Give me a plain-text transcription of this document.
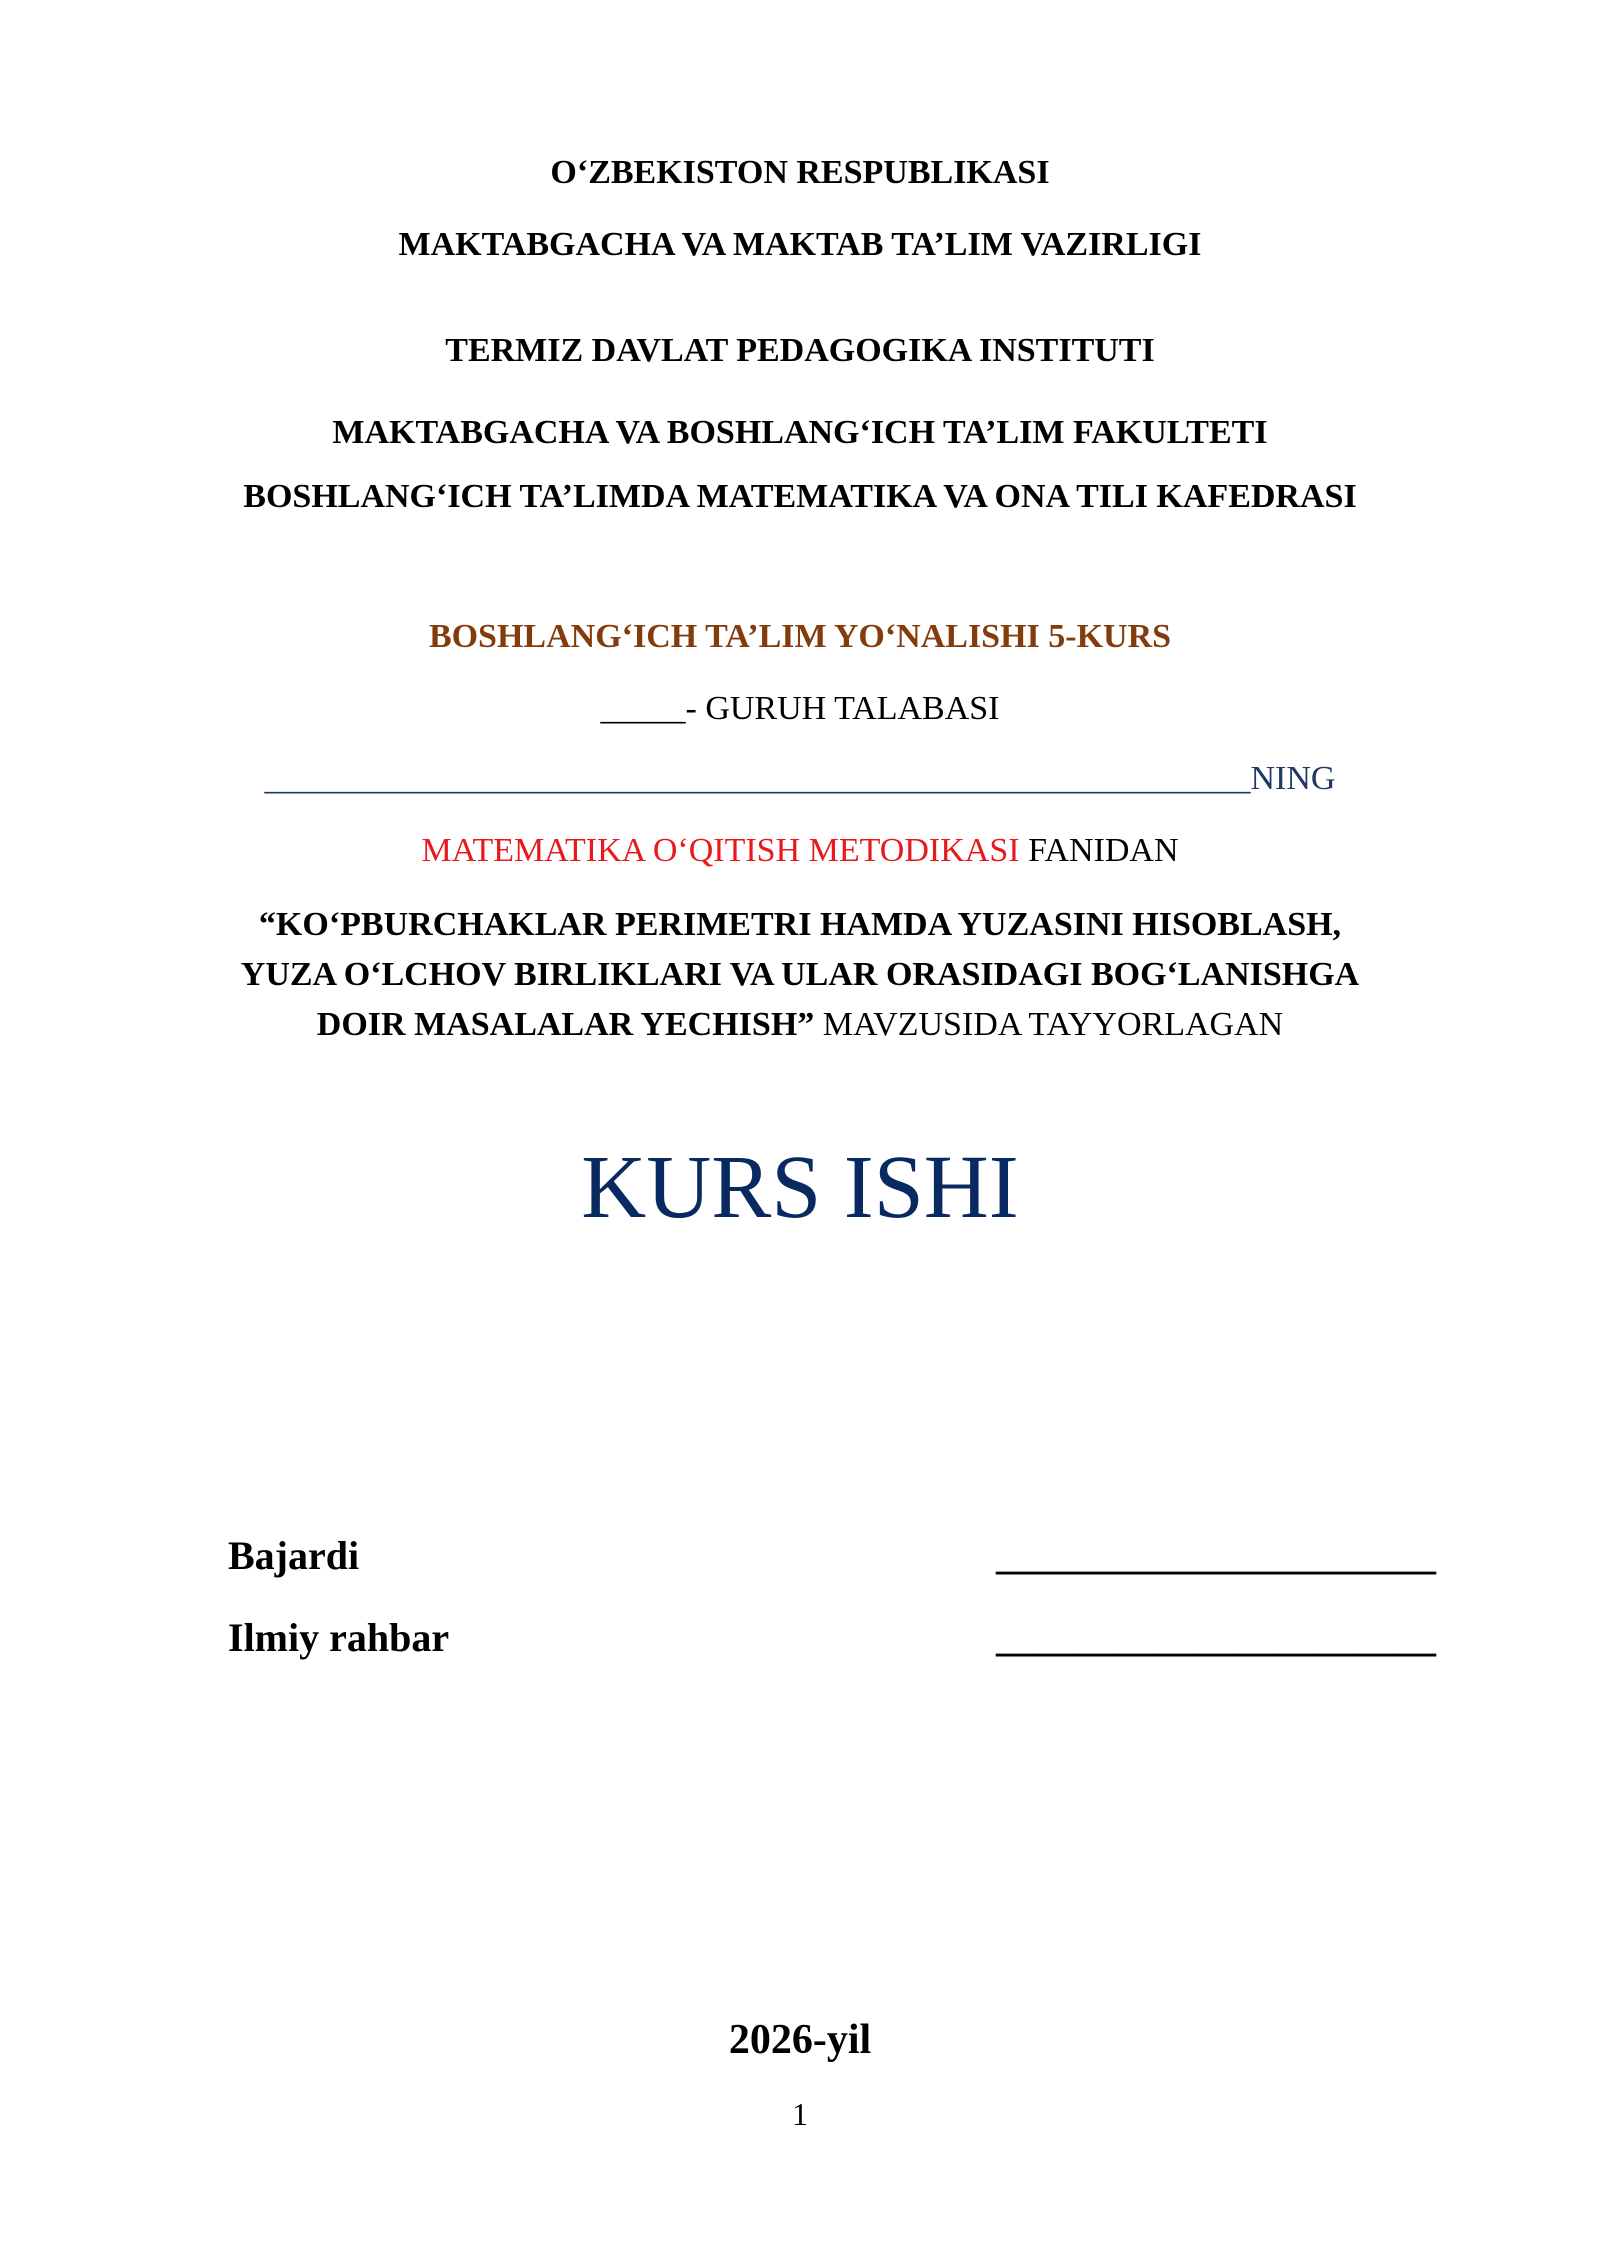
O‘ZBEKISTON RESPUBLIKASI
MAKTABGACHA VA MAKTAB TA’LIM VAZIRLIGI
TERMIZ DAVLAT PEDAGOGIKA INSTITUTI
MAKTABGACHA VA BOSHLANG‘ICH TA’LIM FAKULTETI
BOSHLANG‘ICH TA’LIMDA MATEMATIKA VA ONA TILI KAFEDRASI
BOSHLANG‘ICH TA’LIM YO‘NALISHI 5-KURS
_____- GURUH TALABASI
__________________________________________________________NING
MATEMATIKA O‘QITISH METODIKASI FANIDAN
“KO‘PBURCHAKLAR PERIMETRI HAMDA YUZASINI HISOBLASH,
YUZA O‘LCHOV BIRLIKLARI VA ULAR ORASIDAGI BOG‘LANISHGA
DOIR MASALALAR YECHISH” MAVZUSIDA TAYYORLAGAN
KURS ISHI
Bajardi	______________________
Ilmiy rahbar	______________________
2026-yil
1
